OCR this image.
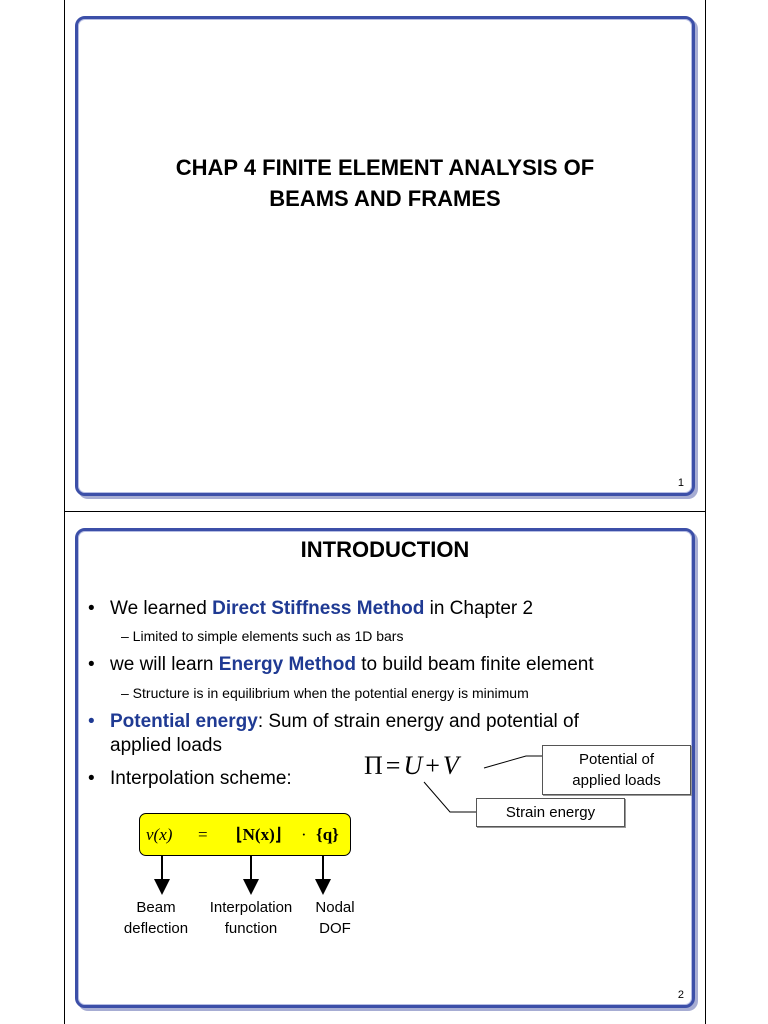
CHAP 4 FINITE ELEMENT ANALYSIS OF
BEAMS AND FRAMES
1
INTRODUCTION
• We learned Direct Stiffness Method in Chapter 2
– Limited to simple elements such as 1D bars
• we will learn Energy Method to build beam finite element
– Structure is in equilibrium when the potential energy is minimum
• Potential energy: Sum of strain energy and potential of
applied loads
• Interpolation scheme:	Π = U + V	Potential of
applied loads
Strain energy
v(x) = ⌊N(x)⌋ · {q}
Beam
deflection
Interpolation
function
Nodal
DOF
2
